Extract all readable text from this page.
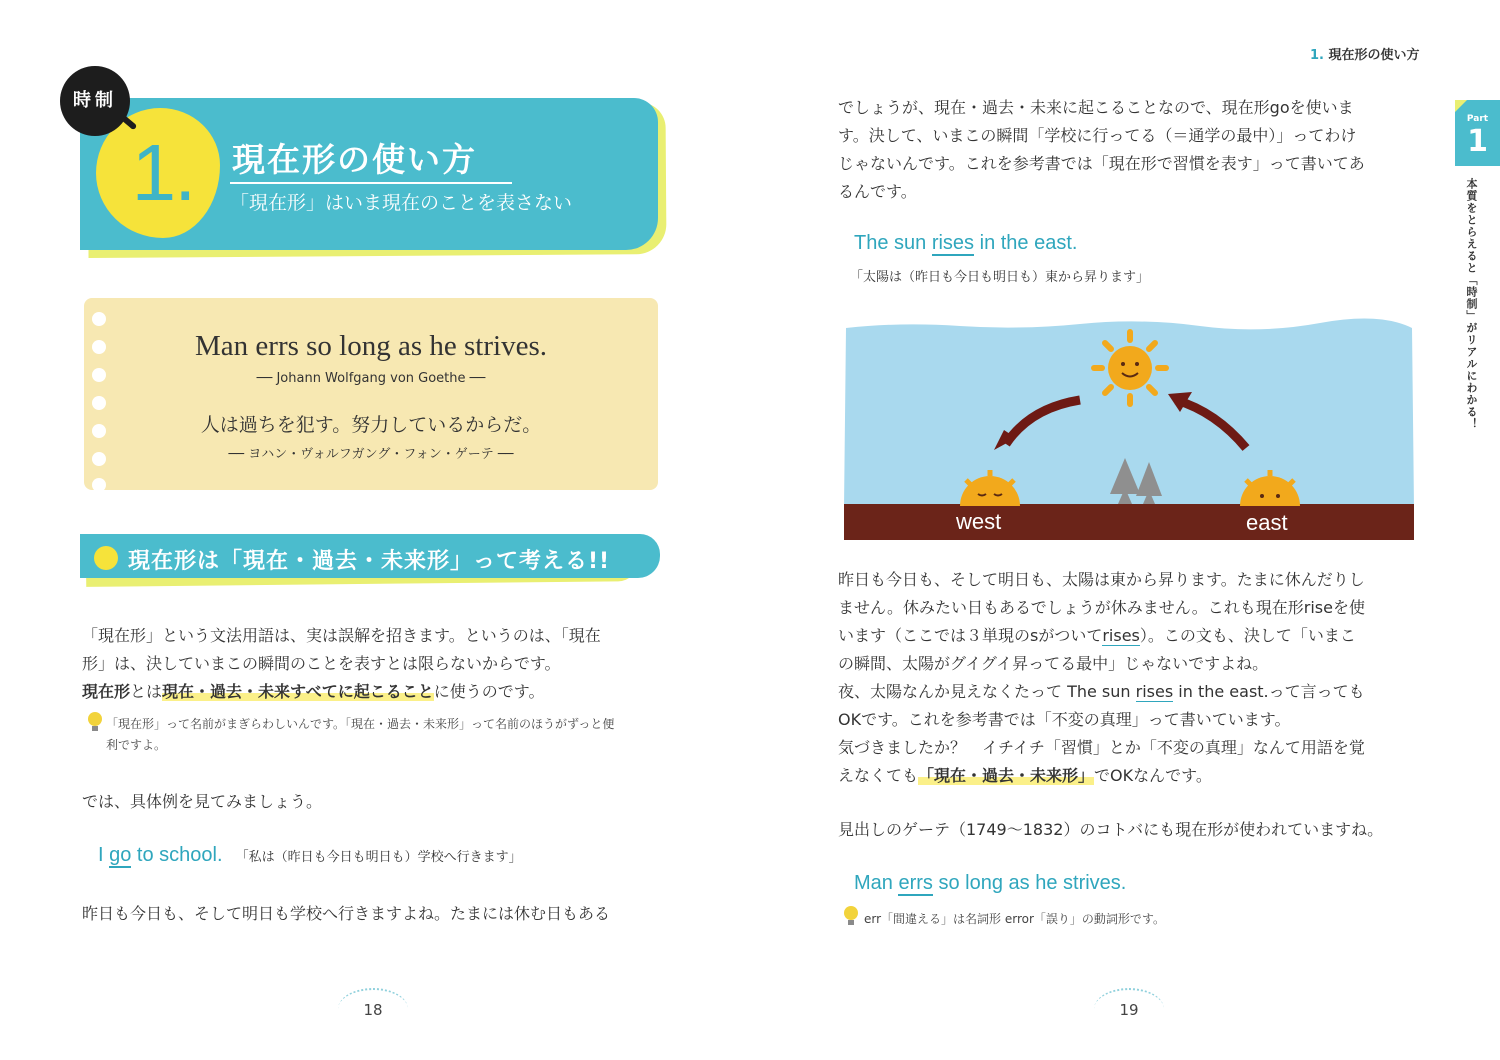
1.	現在形の使い方
「現在形」はいま現在のことを表さない
時制
Man errs so long as he strives.
── Johann Wolfgang von Goethe ──
人は過ちを犯す。努力しているからだ。
── ヨハン・ヴォルフガング・フォン・ゲーテ ──
現在形は「現在・過去・未来形」って考える!!
「現在形」という文法用語は、実は誤解を招きます。というのは、「現在
形」は、決していまこの瞬間のことを表すとは限らないからです。
現在形とは現在・過去・未来すべてに起こることに使うのです。
「現在形」って名前がまぎらわしいんです。「現在・過去・未来形」って名前のほうがずっと便
利ですよ。
では、具体例を見てみましょう。
I go to school. 「私は（昨日も今日も明日も）学校へ行きます」
昨日も今日も、そして明日も学校へ行きますよね。たまには休む日もある
18
1. 現在形の使い方
Part
1
本質をとらえると「時制」がリアルにわかる！
でしょうが、現在・過去・未来に起こることなので、現在形goを使いま
す。決して、いまこの瞬間「学校に行ってる（＝通学の最中）」ってわけ
じゃないんです。これを参考書では「現在形で習慣を表す」って書いてあ
るんです。
The sun rises in the east.
「太陽は（昨日も今日も明日も）東から昇ります」
west	east
昨日も今日も、そして明日も、太陽は東から昇ります。たまに休んだりし
ません。休みたい日もあるでしょうが休みません。これも現在形riseを使
います（ここでは３単現のsがついてrises）。この文も、決して「いまこ
の瞬間、太陽がグイグイ昇ってる最中」じゃないですよね。
夜、太陽なんか見えなくたって The sun rises in the east.って言っても
OKです。これを参考書では「不変の真理」って書いています。
気づきましたか？　イチイチ「習慣」とか「不変の真理」なんて用語を覚
えなくても「現在・過去・未来形」でOKなんです。
見出しのゲーテ（1749～1832）のコトバにも現在形が使われていますね。
Man errs so long as he strives.
err「間違える」は名詞形 error「誤り」の動詞形です。
19
